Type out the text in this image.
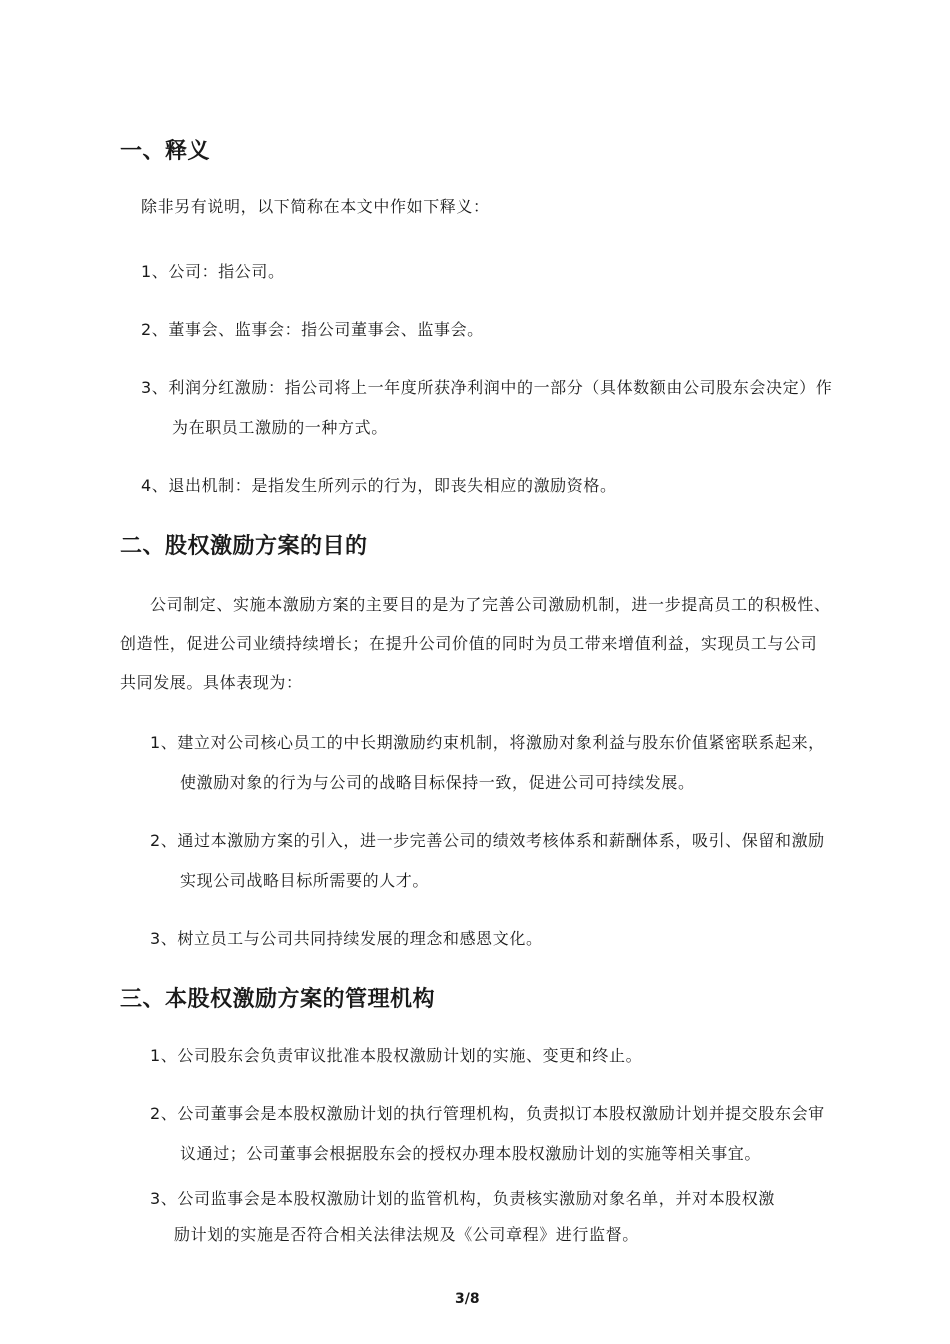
一、释义
除非另有说明，以下简称在本文中作如下释义：
1、公司：指公司。
2、董事会、监事会：指公司董事会、监事会。
3、利润分红激励：指公司将上一年度所获净利润中的一部分（具体数额由公司股东会决定）作
为在职员工激励的一种方式。
4、退出机制：是指发生所列示的行为，即丧失相应的激励资格。
二、股权激励方案的目的
公司制定、实施本激励方案的主要目的是为了完善公司激励机制，进一步提高员工的积极性、
创造性，促进公司业绩持续增长；在提升公司价值的同时为员工带来增值利益，实现员工与公司
共同发展。具体表现为：
1、建立对公司核心员工的中长期激励约束机制，将激励对象利益与股东价值紧密联系起来，
使激励对象的行为与公司的战略目标保持一致，促进公司可持续发展。
2、通过本激励方案的引入，进一步完善公司的绩效考核体系和薪酬体系，吸引、保留和激励
实现公司战略目标所需要的人才。
3、树立员工与公司共同持续发展的理念和感恩文化。
三、本股权激励方案的管理机构
1、公司股东会负责审议批准本股权激励计划的实施、变更和终止。
2、公司董事会是本股权激励计划的执行管理机构，负责拟订本股权激励计划并提交股东会审
议通过；公司董事会根据股东会的授权办理本股权激励计划的实施等相关事宜。
3、公司监事会是本股权激励计划的监管机构，负责核实激励对象名单，并对本股权激
励计划的实施是否符合相关法律法规及《公司章程》进行监督。
3/8
